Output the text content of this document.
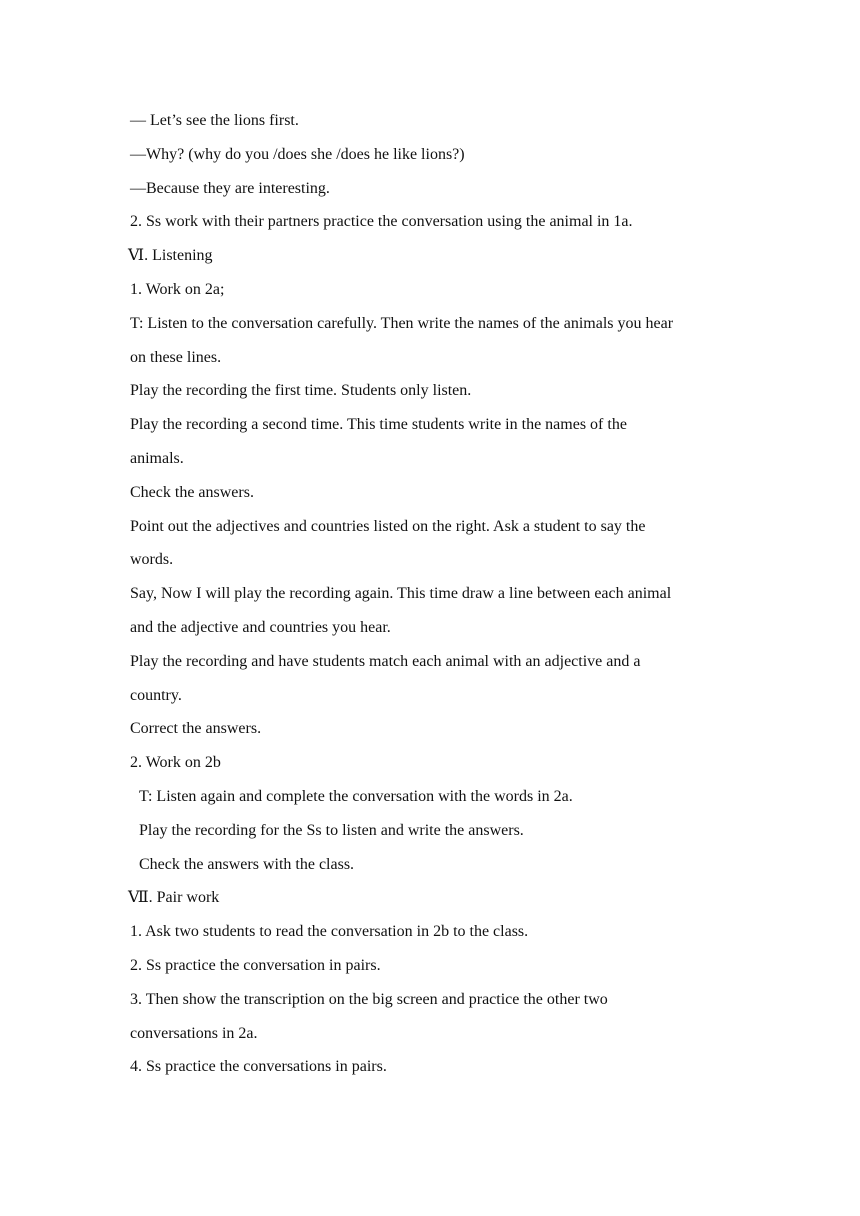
— Let’s see the lions first.
—Why? (why do you /does she /does he like lions?)
—Because they are interesting.
2. Ss work with their partners practice the conversation using the animal in 1a.
Ⅵ. Listening
1. Work on 2a;
T: Listen to the conversation carefully. Then write the names of the animals you hear
on these lines.
Play the recording the first time. Students only listen.
Play the recording a second time. This time students write in the names of the
animals.
Check the answers.
Point out the adjectives and countries listed on the right. Ask a student to say the
words.
Say, Now I will play the recording again. This time draw a line between each animal
and the adjective and countries you hear.
Play the recording and have students match each animal with an adjective and a
country.
Correct the answers.
2. Work on 2b
T: Listen again and complete the conversation with the words in 2a.
Play the recording for the Ss to listen and write the answers.
Check the answers with the class.
Ⅶ. Pair work
1. Ask two students to read the conversation in 2b to the class.
2. Ss practice the conversation in pairs.
3. Then show the transcription on the big screen and practice the other two
conversations in 2a.
4. Ss practice the conversations in pairs.
